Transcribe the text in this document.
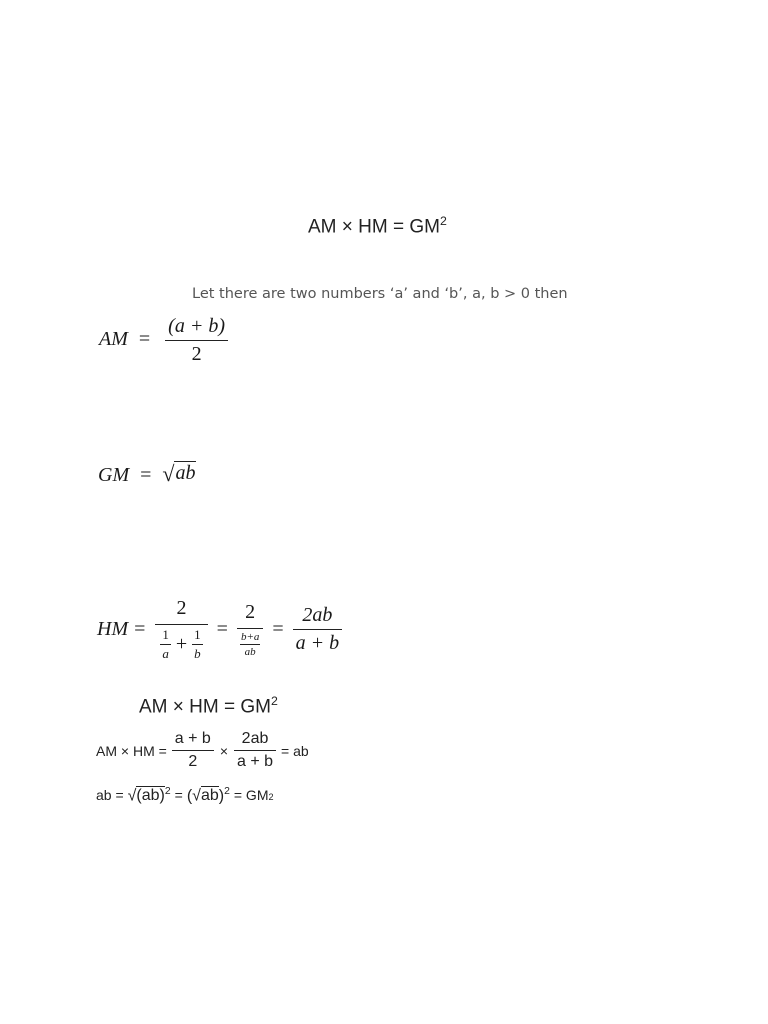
AM × HM = $GM^2$
Let there are two numbers ‘a’ and ‘b’, a, b > 0 then
AM = $\frac{(a + b)}{2}$
GM = √ ab
HM =
2
$\frac{1}{a} + \frac{1}{b} = \frac{2}{\frac{b+a}{ab}} = \frac{2ab}{a + b}$
AM × HM = $GM^2$
AM × HM = $\frac{a + b}{2} \times \frac{2ab}{a + b}$ = ab
ab = $√(ab)^2 = (√ab)^2$ = GM 2
